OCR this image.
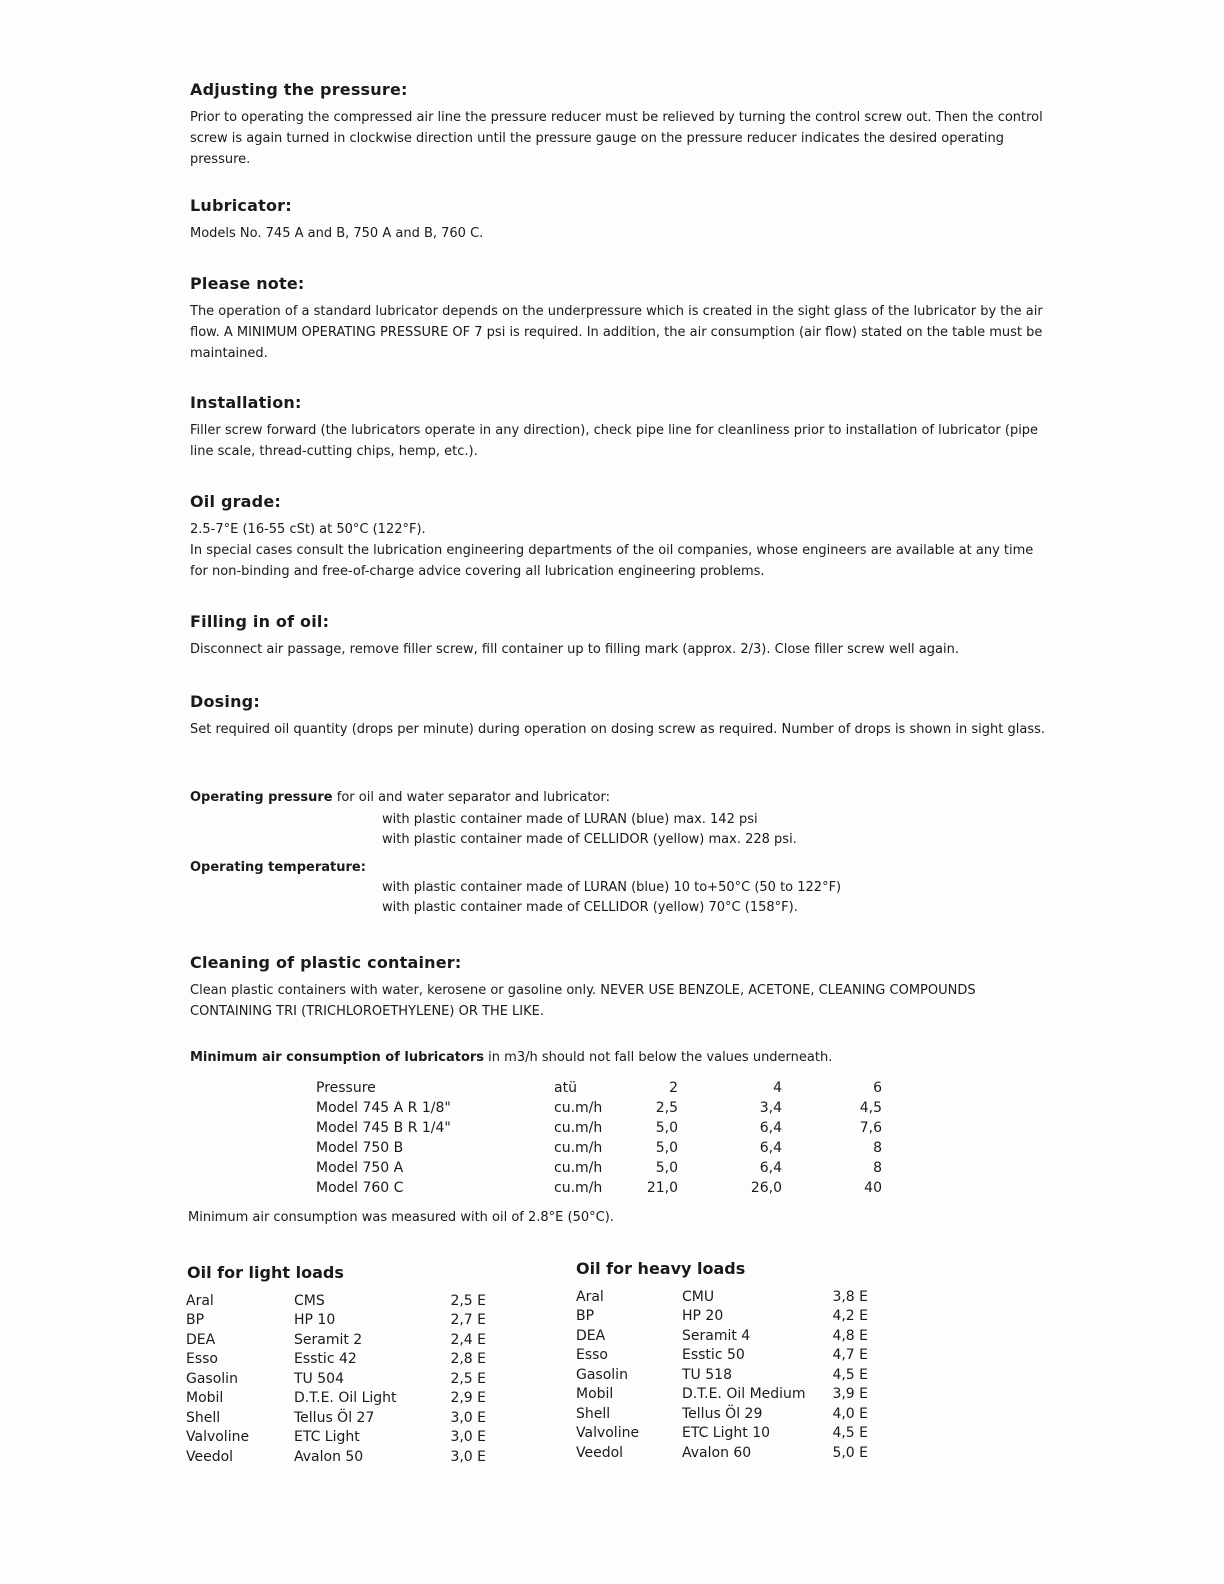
Adjusting the pressure:

Prior to operating the compressed air line the pressure reducer must be relieved by turning the control screw out. Then the control screw is again turned in clockwise direction until the pressure gauge on the pressure reducer indicates the desired operating pressure.

Lubricator:

Models No. 745 A and B, 750 A and B, 760 C.

Please note:

The operation of a standard lubricator depends on the underpressure which is created in the sight glass of the lubricator by the air flow. A MINIMUM OPERATING PRESSURE OF 7 psi is required. In addition, the air consumption (air flow) stated on the table must be maintained.

Installation:

Filler screw forward (the lubricators operate in any direction), check pipe line for cleanliness prior to installation of lubricator (pipe line scale, thread-cutting chips, hemp, etc.).

Oil grade:

2.5-7°E (16-55 cSt) at 50°C (122°F).

In special cases consult the lubrication engineering departments of the oil companies, whose engineers are available at any time for non-binding and free-of-charge advice covering all lubrication engineering problems.

Filling in of oil:

Disconnect air passage, remove filler screw, fill container up to filling mark (approx. 2/3). Close filler screw well again.

Dosing:

Set required oil quantity (drops per minute) during operation on dosing screw as required. Number of drops is shown in sight glass.

Operating pressure for oil and water separator and lubricator:
with plastic container made of LURAN (blue) max. 142 psi
with plastic container made of CELLIDOR (yellow) max. 228 psi.
Operating temperature:
with plastic container made of LURAN (blue) 10 to+50°C (50 to 122°F)
with plastic container made of CELLIDOR (yellow) 70°C (158°F).
Cleaning of plastic container:

Clean plastic containers with water, kerosene or gasoline only. NEVER USE BENZOLE, ACETONE, CLEANING COMPOUNDS CONTAINING TRI (TRICHLOROETHYLENE) OR THE LIKE.

Minimum air consumption of lubricators in m3/h should not fall below the values underneath.
Pressure	atü	2	4	6
Model 745 A R 1/8"	cu.m/h	2,5	3,4	4,5
Model 745 B R 1/4"	cu.m/h	5,0	6,4	7,6
Model 750 B	cu.m/h	5,0	6,4	8
Model 750 A	cu.m/h	5,0	6,4	8
Model 760 C	cu.m/h	21,0	26,0	40
Minimum air consumption was measured with oil of 2.8°E (50°C).
Oil for light loads
Aral	CMS	2,5 E
BP	HP 10	2,7 E
DEA	Seramit 2	2,4 E
Esso	Esstic 42	2,8 E
Gasolin	TU 504	2,5 E
Mobil	D.T.E. Oil Light	2,9 E
Shell	Tellus Öl 27	3,0 E
Valvoline	ETC Light	3,0 E
Veedol	Avalon 50	3,0 E
Oil for heavy loads
Aral	CMU	3,8 E
BP	HP 20	4,2 E
DEA	Seramit 4	4,8 E
Esso	Esstic 50	4,7 E
Gasolin	TU 518	4,5 E
Mobil	D.T.E. Oil Medium	3,9 E
Shell	Tellus Öl 29	4,0 E
Valvoline	ETC Light 10	4,5 E
Veedol	Avalon 60	5,0 E
